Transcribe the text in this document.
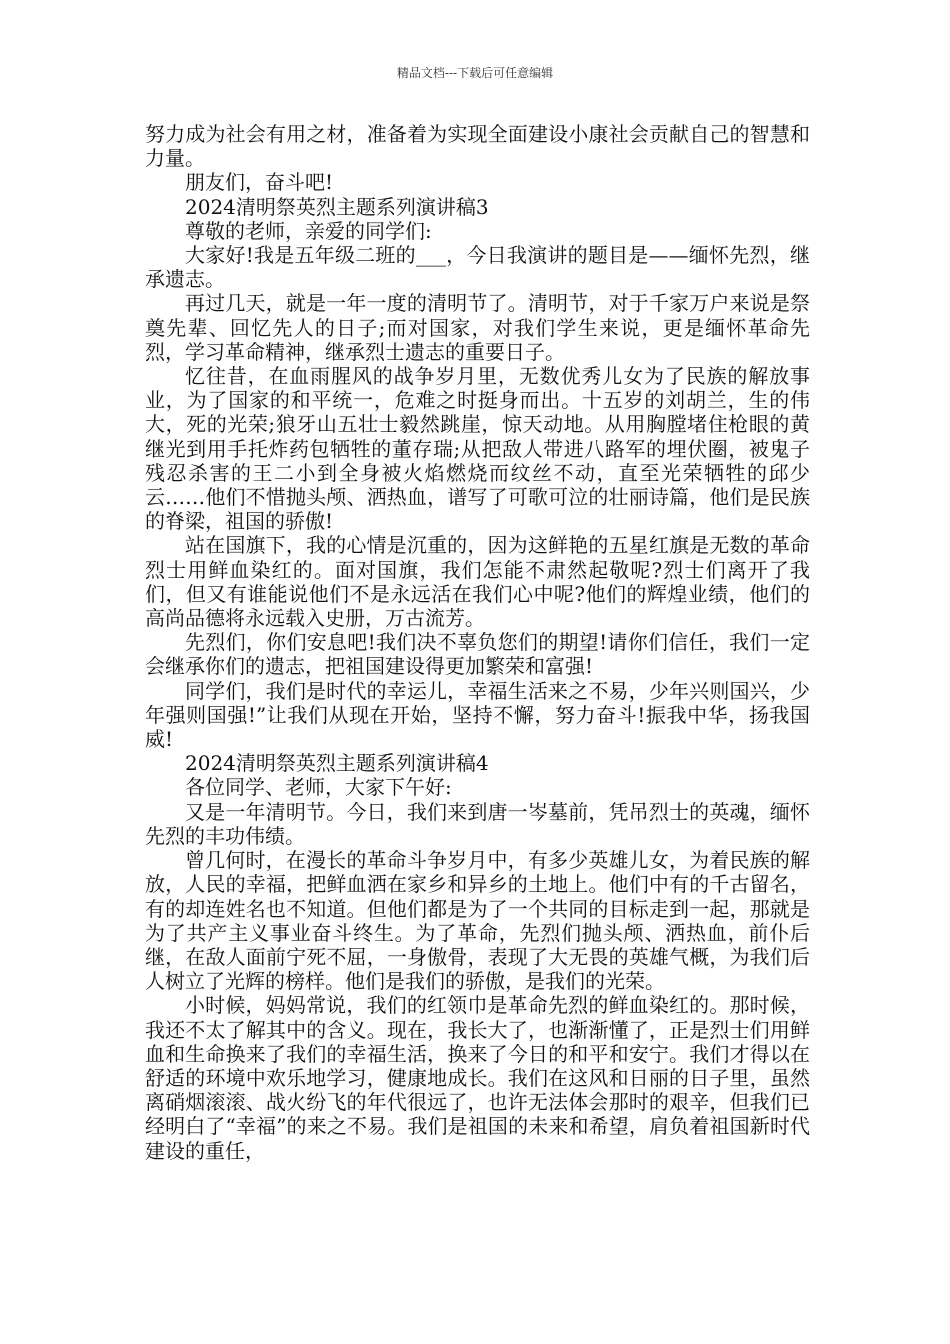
精品文档---下载后可任意编辑

努力成为社会有用之材，准备着为实现全面建设小康社会贡献自己的智慧和力量。

朋友们，奋斗吧!

2024清明祭英烈主题系列演讲稿3

尊敬的老师，亲爱的同学们:

大家好!我是五年级二班的___，今日我演讲的题目是——缅怀先烈，继承遗志。

再过几天，就是一年一度的清明节了。清明节，对于千家万户来说是祭奠先辈、回忆先人的日子;而对国家，对我们学生来说，更是缅怀革命先烈，学习革命精神，继承烈士遗志的重要日子。

忆往昔，在血雨腥风的战争岁月里，无数优秀儿女为了民族的解放事业，为了国家的和平统一，危难之时挺身而出。十五岁的刘胡兰，生的伟大，死的光荣;狼牙山五壮士毅然跳崖，惊天动地。从用胸膛堵住枪眼的黄继光到用手托炸药包牺牲的董存瑞;从把敌人带进八路军的埋伏圈，被鬼子残忍杀害的王二小到全身被火焰燃烧而纹丝不动，直至光荣牺牲的邱少云……他们不惜抛头颅、洒热血，谱写了可歌可泣的壮丽诗篇，他们是民族的脊梁，祖国的骄傲!

站在国旗下，我的心情是沉重的，因为这鲜艳的五星红旗是无数的革命烈士用鲜血染红的。面对国旗，我们怎能不肃然起敬呢?烈士们离开了我们，但又有谁能说他们不是永远活在我们心中呢?他们的辉煌业绩，他们的高尚品德将永远载入史册，万古流芳。

先烈们，你们安息吧!我们决不辜负您们的期望!请你们信任，我们一定会继承你们的遗志，把祖国建设得更加繁荣和富强!

同学们，我们是时代的幸运儿，幸福生活来之不易，少年兴则国兴，少年强则国强!”让我们从现在开始，坚持不懈，努力奋斗!振我中华，扬我国威!

2024清明祭英烈主题系列演讲稿4

各位同学、老师，大家下午好:

又是一年清明节。今日，我们来到唐一岑墓前，凭吊烈士的英魂，缅怀先烈的丰功伟绩。

曾几何时，在漫长的革命斗争岁月中，有多少英雄儿女，为着民族的解放，人民的幸福，把鲜血洒在家乡和异乡的土地上。他们中有的千古留名，有的却连姓名也不知道。但他们都是为了一个共同的目标走到一起，那就是为了共产主义事业奋斗终生。为了革命，先烈们抛头颅、洒热血，前仆后继，在敌人面前宁死不屈，一身傲骨，表现了大无畏的英雄气概，为我们后人树立了光辉的榜样。他们是我们的骄傲，是我们的光荣。

小时候，妈妈常说，我们的红领巾是革命先烈的鲜血染红的。那时候，我还不太了解其中的含义。现在，我长大了，也渐渐懂了，正是烈士们用鲜血和生命换来了我们的幸福生活，换来了今日的和平和安宁。我们才得以在舒适的环境中欢乐地学习，健康地成长。我们在这风和日丽的日子里，虽然离硝烟滚滚、战火纷飞的年代很远了，也许无法体会那时的艰辛，但我们已经明白了“幸福”的来之不易。我们是祖国的未来和希望，肩负着祖国新时代建设的重任，
